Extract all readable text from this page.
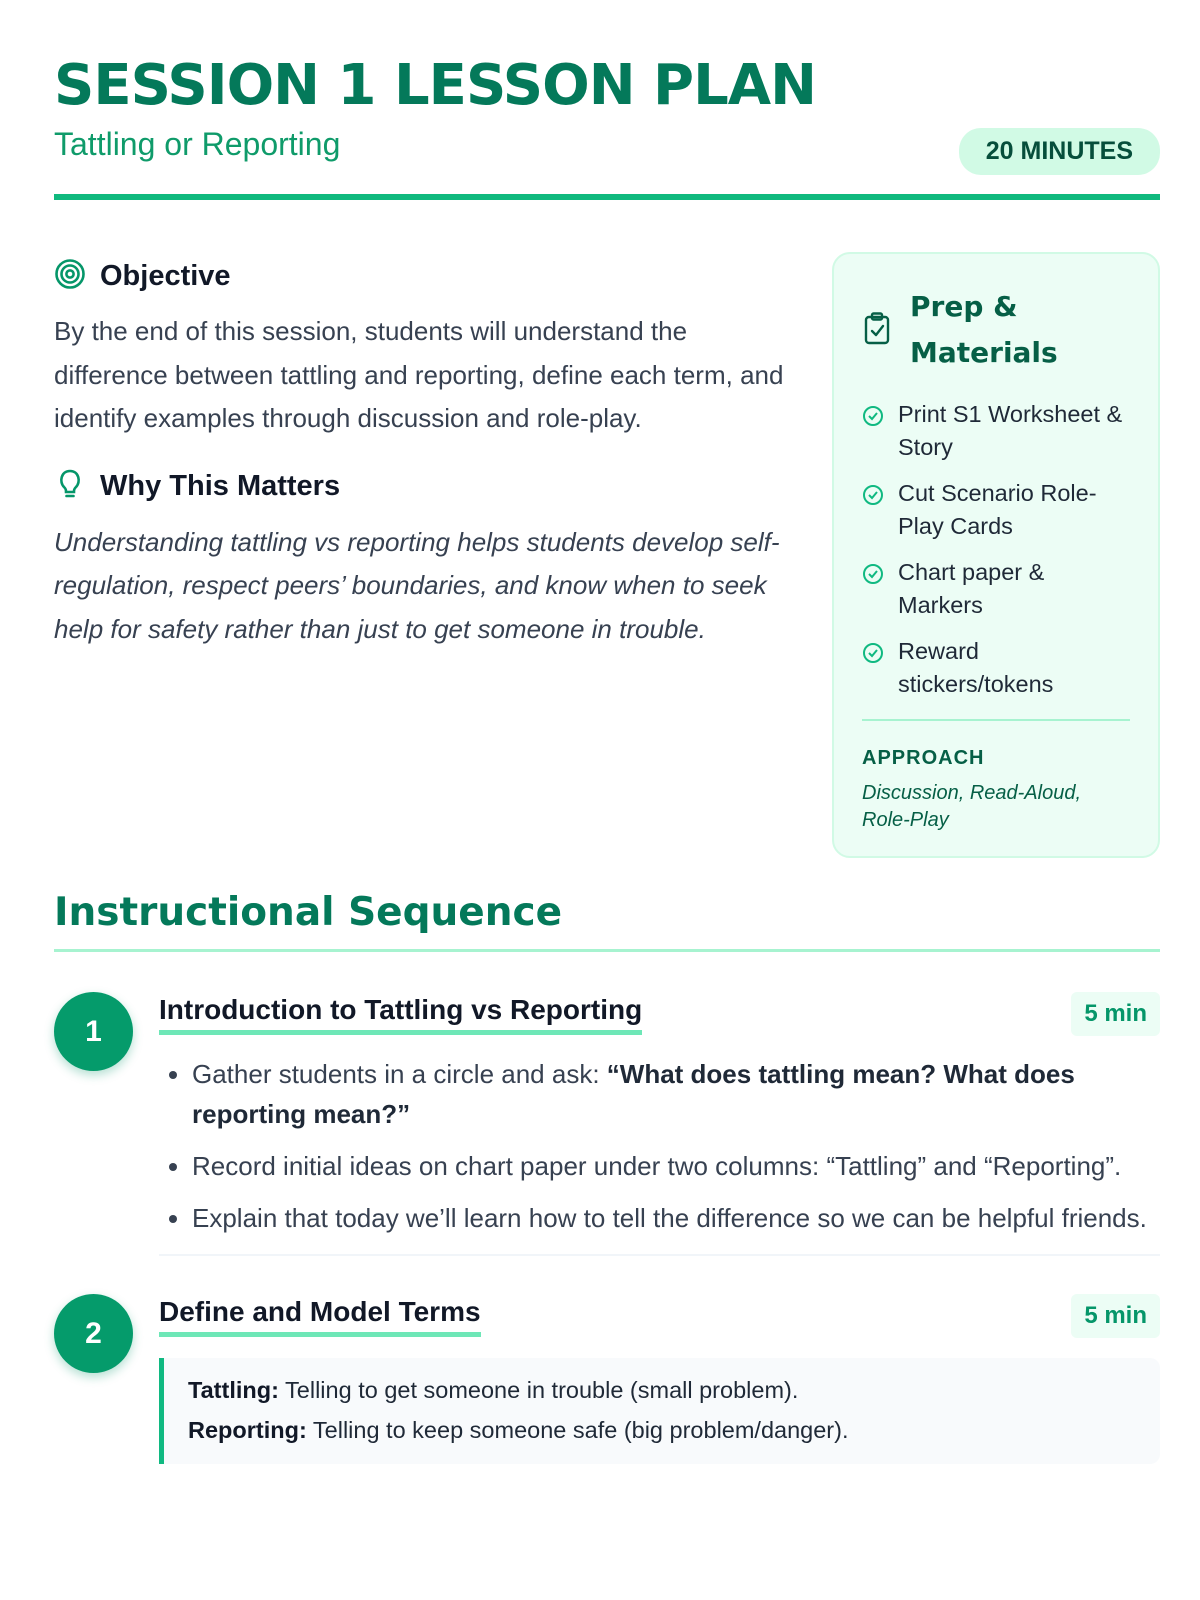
SESSION 1 LESSON PLAN
Tattling or Reporting	20 MINUTES
Objective

By the end of this session, students will understand the difference between tattling and reporting, define each term, and identify examples through discussion and role-play.

Why This Matters

Understanding tattling vs reporting helps students develop self-regulation, respect peers’ boundaries, and know when to seek help for safety rather than just to get someone in trouble.

Prep & Materials
Print S1 Worksheet & Story
Cut Scenario Role-Play Cards
Chart paper & Markers
Reward stickers/tokens
APPROACH
Discussion, Read-Aloud, Role-Play
Instructional Sequence
1
Introduction to Tattling vs Reporting	5 min
• Gather students in a circle and ask: “What does tattling mean? What does reporting mean?”
• Record initial ideas on chart paper under two columns: “Tattling” and “Reporting”.
• Explain that today we’ll learn how to tell the difference so we can be helpful friends.
2
Define and Model Terms	5 min
Tattling: Telling to get someone in trouble (small problem).
Reporting: Telling to keep someone safe (big problem/danger).
